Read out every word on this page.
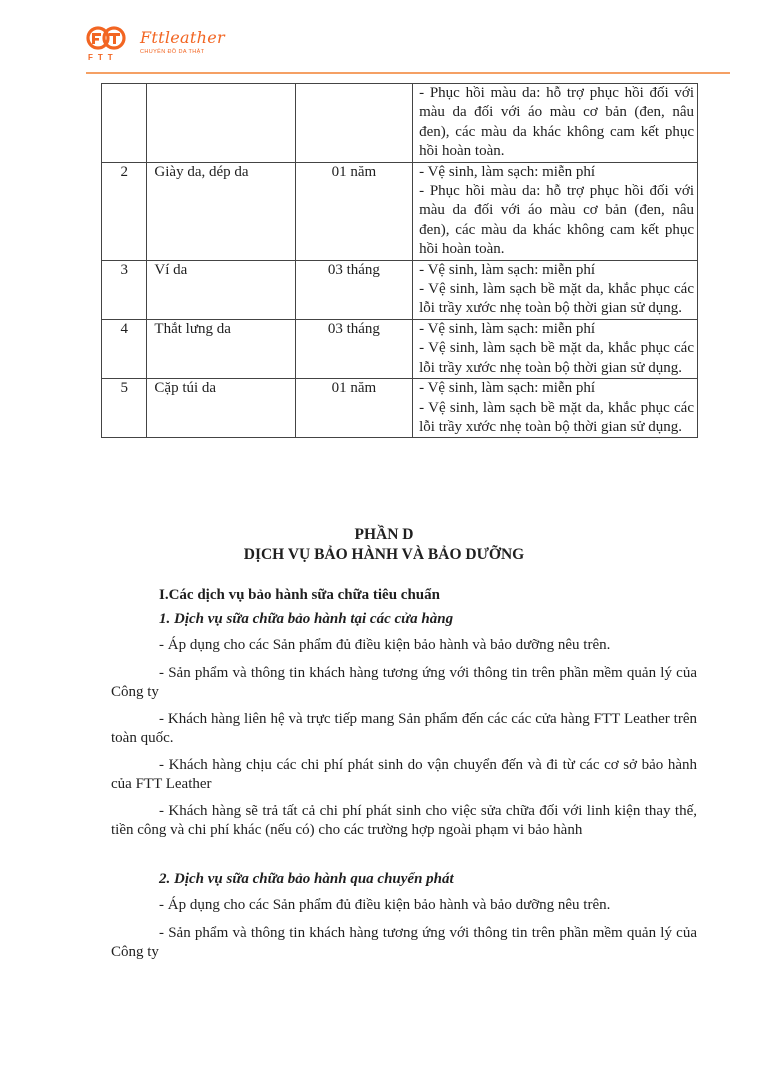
FTT
Fttleather
CHUYÊN ĐỒ DA THẬT

			- Phục hồi màu da: hỗ trợ phục hồi đối với màu da đối với áo màu cơ bản (đen, nâu đen), các màu da khác không cam kết phục hồi hoàn toàn.

2	Giày da, dép da	01 năm	- Vệ sinh, làm sạch: miễn phí
- Phục hồi màu da: hỗ trợ phục hồi đối với màu da đối với áo màu cơ bản (đen, nâu đen), các màu da khác không cam kết phục hồi hoàn toàn.

3	Ví da	03 tháng	- Vệ sinh, làm sạch: miễn phí
- Vệ sinh, làm sạch bề mặt da, khắc phục các lỗi trầy xước nhẹ toàn bộ thời gian sử dụng.

4	Thắt lưng da	03 tháng	- Vệ sinh, làm sạch: miễn phí
- Vệ sinh, làm sạch bề mặt da, khắc phục các lỗi trầy xước nhẹ toàn bộ thời gian sử dụng.

5	Cặp túi da	01 năm	- Vệ sinh, làm sạch: miễn phí
- Vệ sinh, làm sạch bề mặt da, khắc phục các lỗi trầy xước nhẹ toàn bộ thời gian sử dụng.
PHẦN D
DỊCH VỤ BẢO HÀNH VÀ BẢO DƯỠNG

I.Các dịch vụ bảo hành sữa chữa tiêu chuẩn

1. Dịch vụ sữa chữa bảo hành tại các cửa hàng

- Áp dụng cho các Sản phẩm đủ điều kiện bảo hành và bảo dưỡng nêu trên.

- Sản phẩm và thông tin khách hàng tương ứng với thông tin trên phần mềm quản lý của Công ty

- Khách hàng liên hệ và trực tiếp mang Sản phẩm đến các các cửa hàng FTT Leather trên toàn quốc.

- Khách hàng chịu các chi phí phát sinh do vận chuyển đến và đi từ các cơ sở bảo hành của FTT Leather

- Khách hàng sẽ trả tất cả chi phí phát sinh cho việc sửa chữa đối với linh kiện thay thế, tiền công và chi phí khác (nếu có) cho các trường hợp ngoài phạm vi bảo hành

2. Dịch vụ sữa chữa bảo hành qua chuyển phát

- Áp dụng cho các Sản phẩm đủ điều kiện bảo hành và bảo dưỡng nêu trên.

- Sản phẩm và thông tin khách hàng tương ứng với thông tin trên phần mềm quản lý của Công ty
